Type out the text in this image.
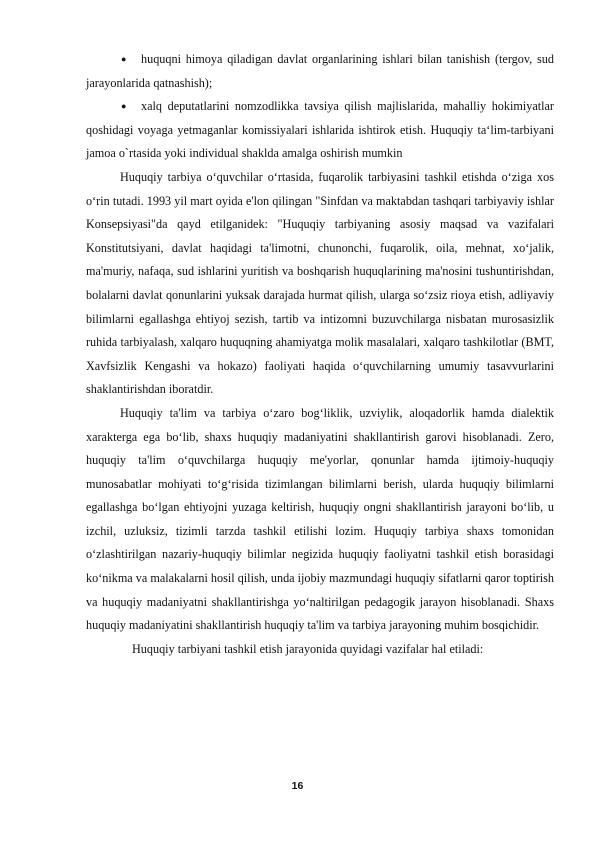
●	huquqni himoya qiladigan davlat organlarining ishlari bilan tanishish (tergov, sud jarayonlarida qatnashish);

●	xalq deputatlarini nomzodlikka tavsiya qilish majlislarida, mahalliy hokimiyatlar qoshidagi voyaga yetmaganlar komissiyalari ishlarida ishtirok etish. Huquqiy ta‘lim-tarbiyani jamoa o`rtasida yoki individual shaklda amalga oshirish mumkin

Huquqiy tarbiya o‘quvchilar o‘rtasida, fuqarolik tarbiyasini tashkil etishda o‘ziga xos o‘rin tutadi. 1993 yil mart oyida e'lon qilingan "Sinfdan va maktabdan tashqari tarbiyaviy ishlar Konsepsiyasi"da qayd etilganidek: "Huquqiy tarbiyaning asosiy maqsad va vazifalari Konstitutsiyani, davlat haqidagi ta'limotni, chunonchi, fuqarolik, oila, mehnat, xo‘jalik, ma'muriy, nafaqa, sud ishlarini yuritish va boshqarish huquqlarining ma'nosini tushuntirishdan, bolalarni davlat qonunlarini yuksak darajada hurmat qilish, ularga so‘zsiz rioya etish, adliyaviy bilimlarni egallashga ehtiyoj sezish, tartib va intizomni buzuvchilarga nisbatan murosasizlik ruhida tarbiyalash, xalqaro huquqning ahamiyatga molik masalalari, xalqaro tashkilotlar (BMT, Xavfsizlik Kengashi va hokazo) faoliyati haqida o‘quvchilarning umumiy tasavvurlarini shaklantirishdan iboratdir.

Huquqiy ta'lim va tarbiya o‘zaro bog‘liklik, uzviylik, aloqadorlik hamda dialektik xarakterga ega bo‘lib, shaxs huquqiy madaniyatini shakllantirish garovi hisoblanadi. Zero, huquqiy ta'lim o‘quvchilarga huquqiy me'yorlar, qonunlar hamda ijtimoiy-huquqiy munosabatlar mohiyati to‘g‘risida tizimlangan bilimlarni berish, ularda huquqiy bilimlarni egallashga bo‘lgan ehtiyojni yuzaga keltirish, huquqiy ongni shakllantirish jarayoni bo‘lib, u izchil, uzluksiz, tizimli tarzda tashkil etilishi lozim. Huquqiy tarbiya shaxs tomonidan o‘zlashtirilgan nazariy-huquqiy bilimlar negizida huquqiy faoliyatni tashkil etish borasidagi ko‘nikma va malakalarni hosil qilish, unda ijobiy mazmundagi huquqiy sifatlarni qaror toptirish va huquqiy madaniyatni shakllantirishga yo‘naltirilgan pedagogik jarayon hisoblanadi. Shaxs huquqiy madaniyatini shakllantirish huquqiy ta'lim va tarbiya jarayoning muhim bosqichidir.

Huquqiy tarbiyani tashkil etish jarayonida quyidagi vazifalar hal etiladi:

16
